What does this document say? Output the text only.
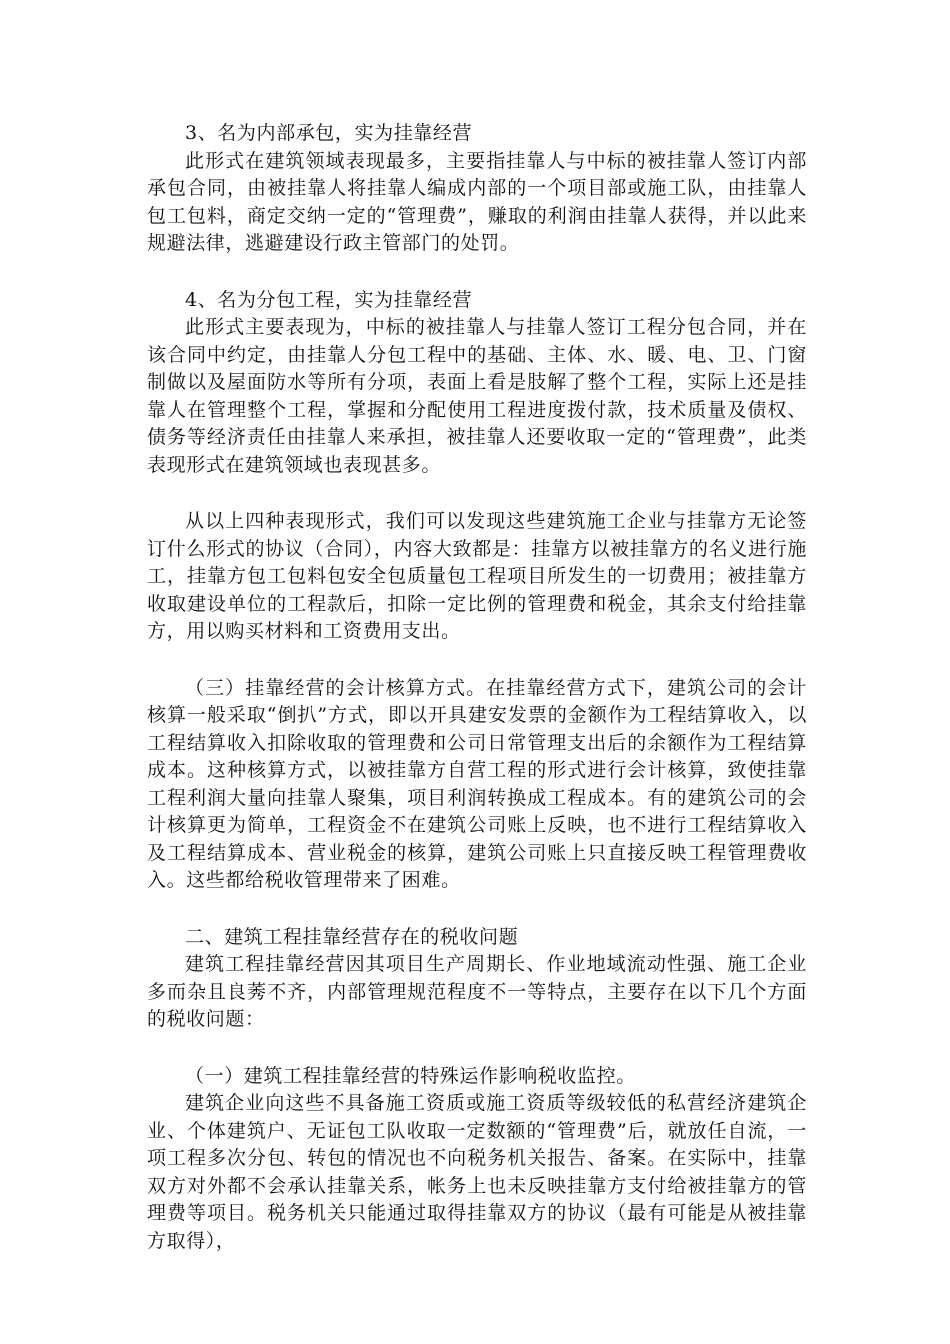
3、名为内部承包，实为挂靠经营

此形式在建筑领域表现最多，主要指挂靠人与中标的被挂靠人签订内部承包合同，由被挂靠人将挂靠人编成内部的一个项目部或施工队，由挂靠人包工包料，商定交纳一定的“管理费”，赚取的利润由挂靠人获得，并以此来规避法律，逃避建设行政主管部门的处罚。

4、名为分包工程，实为挂靠经营

此形式主要表现为，中标的被挂靠人与挂靠人签订工程分包合同，并在该合同中约定，由挂靠人分包工程中的基础、主体、水、暖、电、卫、门窗制做以及屋面防水等所有分项，表面上看是肢解了整个工程，实际上还是挂靠人在管理整个工程，掌握和分配使用工程进度拨付款，技术质量及债权、债务等经济责任由挂靠人来承担，被挂靠人还要收取一定的“管理费”，此类表现形式在建筑领域也表现甚多。

从以上四种表现形式，我们可以发现这些建筑施工企业与挂靠方无论签订什么形式的协议（合同），内容大致都是：挂靠方以被挂靠方的名义进行施工，挂靠方包工包料包安全包质量包工程项目所发生的一切费用；被挂靠方收取建设单位的工程款后，扣除一定比例的管理费和税金，其余支付给挂靠方，用以购买材料和工资费用支出。

（三）挂靠经营的会计核算方式。在挂靠经营方式下，建筑公司的会计核算一般采取“倒扒”方式，即以开具建安发票的金额作为工程结算收入，以工程结算收入扣除收取的管理费和公司日常管理支出后的余额作为工程结算成本。这种核算方式，以被挂靠方自营工程的形式进行会计核算，致使挂靠工程利润大量向挂靠人聚集，项目利润转换成工程成本。有的建筑公司的会计核算更为简单，工程资金不在建筑公司账上反映，也不进行工程结算收入及工程结算成本、营业税金的核算，建筑公司账上只直接反映工程管理费收入。这些都给税收管理带来了困难。

二、建筑工程挂靠经营存在的税收问题

建筑工程挂靠经营因其项目生产周期长、作业地域流动性强、施工企业多而杂且良莠不齐，内部管理规范程度不一等特点，主要存在以下几个方面的税收问题：

（一）建筑工程挂靠经营的特殊运作影响税收监控。

建筑企业向这些不具备施工资质或施工资质等级较低的私营经济建筑企业、个体建筑户、无证包工队收取一定数额的“管理费”后，就放任自流，一项工程多次分包、转包的情况也不向税务机关报告、备案。在实际中，挂靠双方对外都不会承认挂靠关系，帐务上也未反映挂靠方支付给被挂靠方的管理费等项目。税务机关只能通过取得挂靠双方的协议（最有可能是从被挂靠方取得），
